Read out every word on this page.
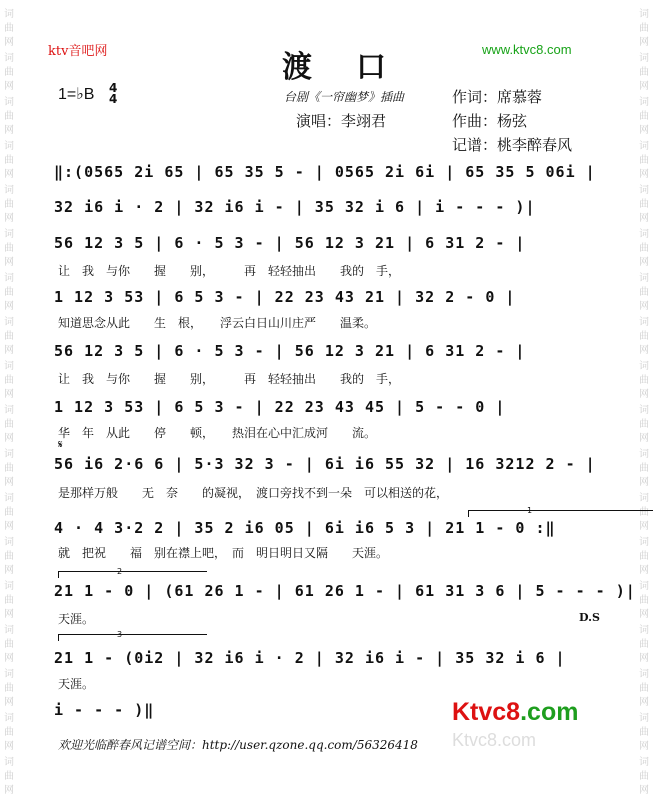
词
曲
网
词
曲
网
词
曲
网
词
曲
网
词
曲
网
词
曲
网
词
曲
网
词
曲
网
词
曲
网
词
曲
网
词
曲
网
词
曲
网
词
曲
网
词
曲
网
词
曲
网
词
曲
网
词
曲
网
词
曲
网
词
曲
网
词
曲
网
词
曲
网
词
曲
网
词
曲
网
词
曲
网
词
曲
网
词
曲
网
词
曲
网
词
曲
网
词
曲
网
词
曲
网
词
曲
网
词
曲
网
词
曲
网
词
曲
网
词
曲
网
词
曲
网
ktv音吧网	www.ktvc8.com
渡口
1=♭B 4
4	台剧《一帘幽梦》插曲	作词：席慕蓉
演唱：李翊君	作曲：杨弦
记谱：桃李醉春风
‖:(0565 2i 65 | 65 35 5 - | 0565 2i 6i | 65 35 5 06i |
32 i6 i · 2 | 32 i6 i - | 35 32 i 6 | i - - - )|
56 12 3 5 | 6 · 5 3 - | 56 12 3 21 | 6 31 2 - |
让　我　与你　　握　　别，　　　再　轻轻抽出　　我的　手，
1 12 3 53 | 6 5 3 - | 22 23 43 21 | 32 2 - 0 |
知道思念从此　　生　根，　　浮云白日山川庄严　　温柔。
56 12 3 5 | 6 · 5 3 - | 56 12 3 21 | 6 31 2 - |
让　我　与你　　握　　别，　　　再　轻轻抽出　　我的　手，
1 12 3 53 | 6 5 3 - | 22 23 43 45 | 5 - - 0 |
华　年　从此　　停　　顿，　　热泪在心中汇成河　　流。
𝄋
56 i6 2·6 6 | 5·3 32 3 - | 6i i6 55 32 | 16 3212 2 - |
是那样万般　　无　奈　　的凝视，　渡口旁找不到一朵　可以相送的花，
1
4 · 4 3·2 2 | 35 2 i6 05 | 6i i6 5 3 | 21 1 - 0 :‖
就　把祝　　福　别在襟上吧，　而　明日明日又隔　　天涯。
2
21 1 - 0 | (61 26 1 - | 61 26 1 - | 61 31 3 6 | 5 - - - )|
天涯。	D.S
3
21 1 - (0i2 | 32 i6 i · 2 | 32 i6 i - | 35 32 i 6 |
天涯。
i - - - )‖	Ktvc8.com
Ktvc8.com
欢迎光临醉春风记谱空间：http://user.qzone.qq.com/56326418
